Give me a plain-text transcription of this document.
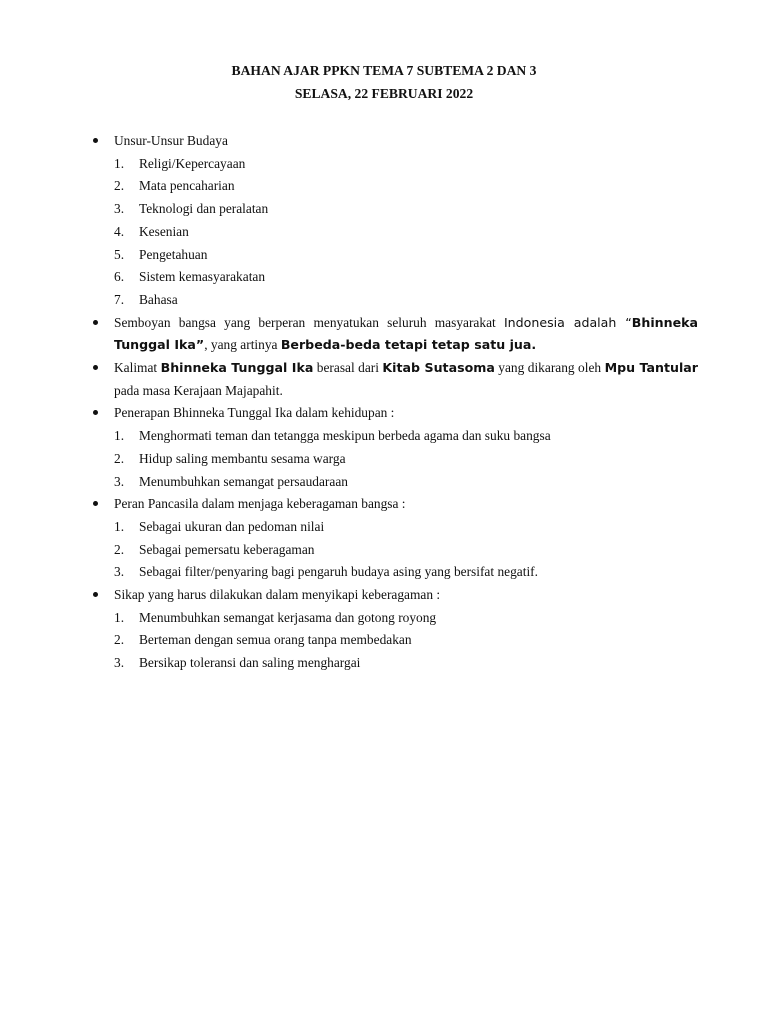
BAHAN AJAR PPKN TEMA 7 SUBTEMA 2 DAN 3
SELASA, 22 FEBRUARI 2022

Unsur-Unsur Budaya

1. Religi/Kepercayaan
2. Mata pencaharian
3. Teknologi dan peralatan
4. Kesenian
5. Pengetahuan
6. Sistem kemasyarakatan
7. Bahasa

Semboyan bangsa yang berperan menyatukan seluruh masyarakat Indonesia adalah “Bhinneka Tunggal Ika”, yang artinya Berbeda-beda tetapi tetap satu jua.

Kalimat Bhinneka Tunggal Ika berasal dari Kitab Sutasoma yang dikarang oleh Mpu Tantular pada masa Kerajaan Majapahit.

Penerapan Bhinneka Tunggal Ika dalam kehidupan :

1. Menghormati teman dan tetangga meskipun berbeda agama dan suku bangsa
2. Hidup saling membantu sesama warga
3. Menumbuhkan semangat persaudaraan

Peran Pancasila dalam menjaga keberagaman bangsa :

1. Sebagai ukuran dan pedoman nilai
2. Sebagai pemersatu keberagaman
3. Sebagai filter/penyaring bagi pengaruh budaya asing yang bersifat negatif.

Sikap yang harus dilakukan dalam menyikapi keberagaman :

1. Menumbuhkan semangat kerjasama dan gotong royong
2. Berteman dengan semua orang tanpa membedakan
3. Bersikap toleransi dan saling menghargai
